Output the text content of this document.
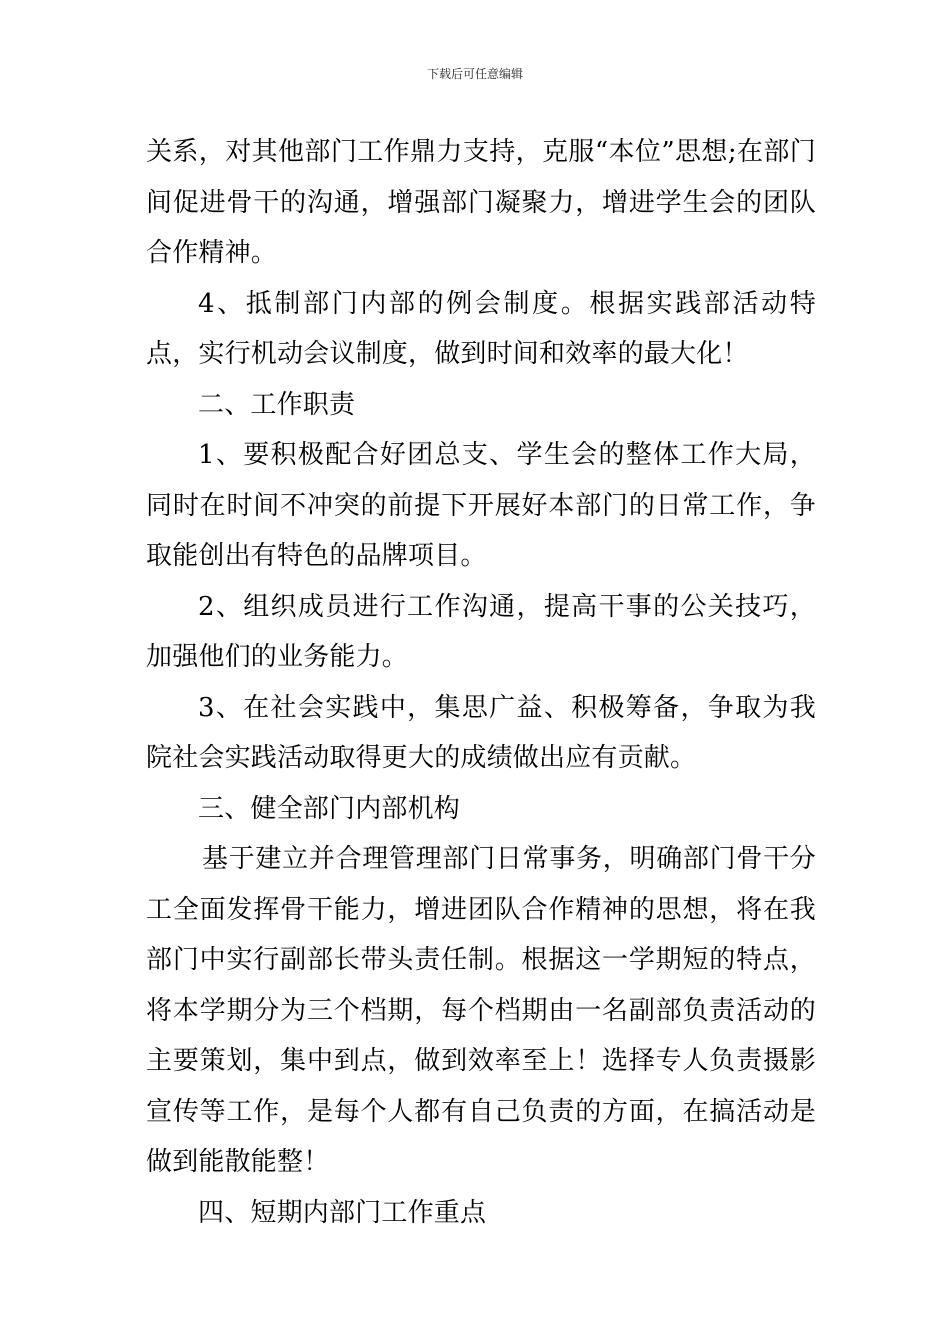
下载后可任意编辑

关系，对其他部门工作鼎力支持，克服“本位”思想;在部门间促进骨干的沟通，增强部门凝聚力，增进学生会的团队合作精神。

4、抵制部门内部的例会制度。根据实践部活动特点，实行机动会议制度，做到时间和效率的最大化！

二、工作职责

1、要积极配合好团总支、学生会的整体工作大局，同时在时间不冲突的前提下开展好本部门的日常工作，争取能创出有特色的品牌项目。

2、组织成员进行工作沟通，提高干事的公关技巧，加强他们的业务能力。

3、在社会实践中，集思广益、积极筹备，争取为我院社会实践活动取得更大的成绩做出应有贡献。

三、健全部门内部机构

基于建立并合理管理部门日常事务，明确部门骨干分工全面发挥骨干能力，增进团队合作精神的思想，将在我部门中实行副部长带头责任制。根据这一学期短的特点，将本学期分为三个档期，每个档期由一名副部负责活动的主要策划，集中到点，做到效率至上！选择专人负责摄影宣传等工作，是每个人都有自己负责的方面，在搞活动是做到能散能整！

四、短期内部门工作重点
